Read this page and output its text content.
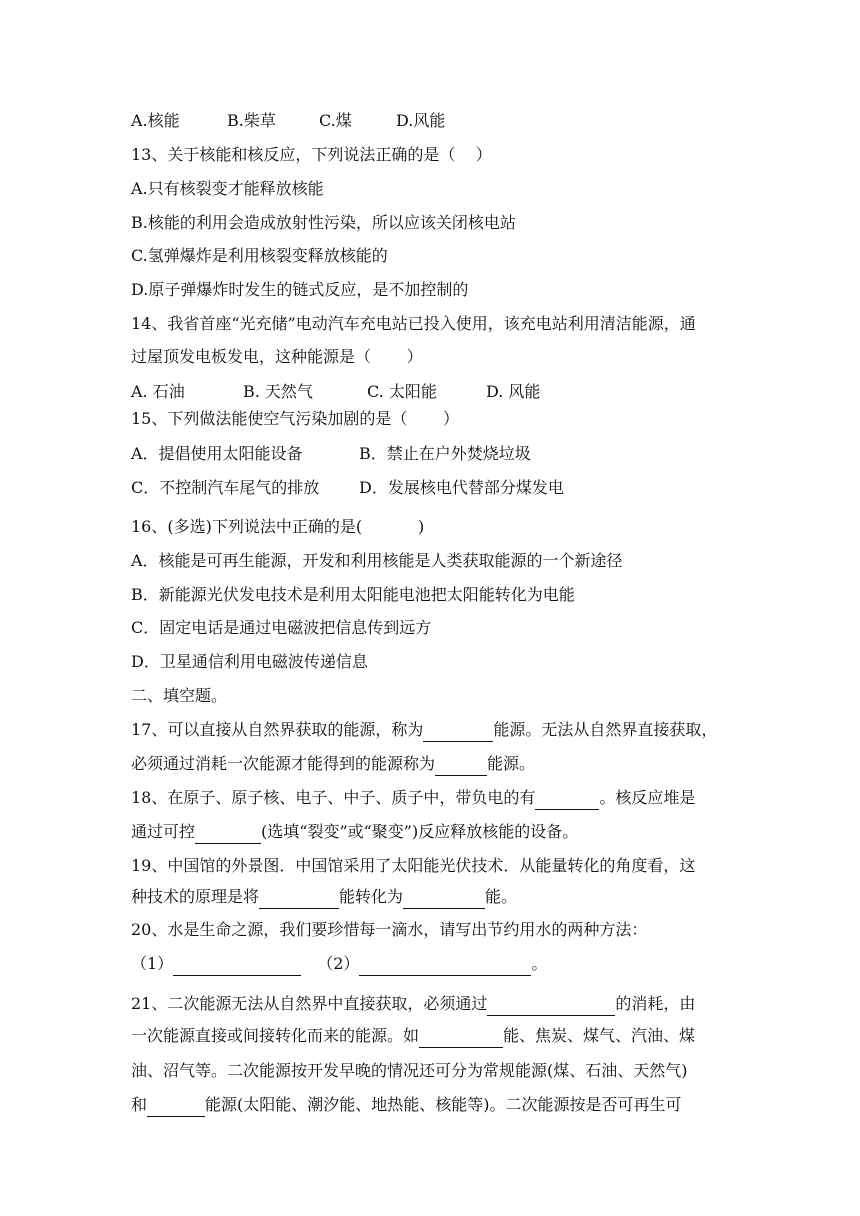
A.核能	B.柴草	C.煤	D.风能
13、关于核能和核反应，下列说法正确的是（    ）
A.只有核裂变才能释放核能
B.核能的利用会造成放射性污染，所以应该关闭核电站
C.氢弹爆炸是利用核裂变释放核能的
D.原子弹爆炸时发生的链式反应，是不加控制的
14、我省首座“光充储”电动汽车充电站已投入使用，该充电站利用清洁能源，通
过屋顶发电板发电，这种能源是（       ）
A. 石油	B. 天然气	C. 太阳能	D. 风能
15、下列做法能使空气污染加剧的是（       ）
A．提倡使用太阳能设备	B．禁止在户外焚烧垃圾
C．不控制汽车尾气的排放	D．发展核电代替部分煤发电
16、(多选)下列说法中正确的是(           )
A．核能是可再生能源，开发和利用核能是人类获取能源的一个新途径
B．新能源光伏发电技术是利用太阳能电池把太阳能转化为电能
C．固定电话是通过电磁波把信息传到远方
D．卫星通信利用电磁波传递信息
二、填空题。
17、可以直接从自然界获取的能源，称为	能源。无法从自然界直接获取，
必须通过消耗一次能源才能得到的能源称为	能源。
18、在原子、原子核、电子、中子、质子中，带负电的有	。核反应堆是
通过可控	(选填“裂变”或“聚变”)反应释放核能的设备。
19、中国馆的外景图．中国馆采用了太阳能光伏技术．从能量转化的角度看，这
种技术的原理是将	能转化为	能。
20、水是生命之源，我们要珍惜每一滴水，请写出节约用水的两种方法：
（1）	（2）	。
21、二次能源无法从自然界中直接获取，必须通过	的消耗，由
一次能源直接或间接转化而来的能源。如	能、焦炭、煤气、汽油、煤
油、沼气等。二次能源按开发早晚的情况还可分为常规能源(煤、石油、天然气)
和	能源(太阳能、潮汐能、地热能、核能等)。二次能源按是否可再生可
